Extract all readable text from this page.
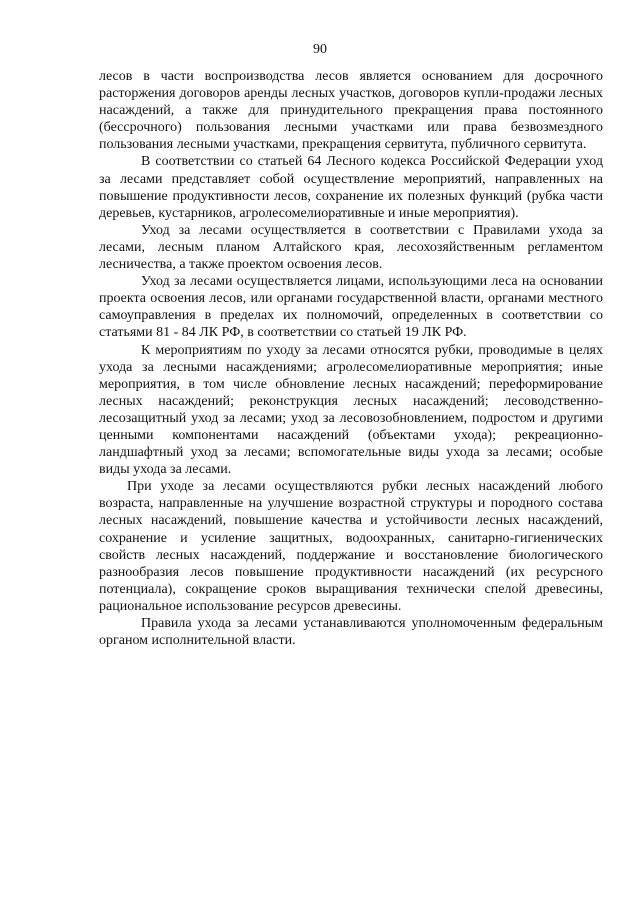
90

лесов в части воспроизводства лесов является основанием для досрочного расторжения договоров аренды лесных участков, договоров купли-продажи лесных насаждений, а также для принудительного прекращения права постоянного (бессрочного) пользования лесными участками или права безвозмездного пользования лесными участками, прекращения сервитута, публичного сервитута.

В соответствии со статьей 64 Лесного кодекса Российской Федерации уход за лесами представляет собой осуществление мероприятий, направленных на повышение продуктивности лесов, сохранение их полезных функций (рубка части деревьев, кустарников, агролесомелиоративные и иные мероприятия).

Уход за лесами осуществляется в соответствии с Правилами ухода за лесами, лесным планом Алтайского края, лесохозяйственным регламентом лесничества, а также проектом освоения лесов.

Уход за лесами осуществляется лицами, использующими леса на основании проекта освоения лесов, или органами государственной власти, органами местного самоуправления в пределах их полномочий, определенных в соответствии со статьями 81 - 84 ЛК РФ, в соответствии со статьей 19 ЛК РФ.

К мероприятиям по уходу за лесами относятся рубки, проводимые в целях ухода за лесными насаждениями; агролесомелиоративные мероприятия; иные мероприятия, в том числе обновление лесных насаждений; переформирование лесных насаждений; реконструкция лесных насаждений; лесоводственно-лесозащитный уход за лесами; уход за лесовозобновлением, подростом и другими ценными компонентами насаждений (объектами ухода); рекреационно-ландшафтный уход за лесами; вспомогательные виды ухода за лесами; особые виды ухода за лесами.

При уходе за лесами осуществляются рубки лесных насаждений любого возраста, направленные на улучшение возрастной структуры и породного состава лесных насаждений, повышение качества и устойчивости лесных насаждений, сохранение и усиление защитных, водоохранных, санитарно-гигиенических свойств лесных насаждений, поддержание и восстановление биологического разнообразия лесов повышение продуктивности насаждений (их ресурсного потенциала), сокращение сроков выращивания технически спелой древесины, рациональное использование ресурсов древесины.

Правила ухода за лесами устанавливаются уполномоченным федеральным органом исполнительной власти.
